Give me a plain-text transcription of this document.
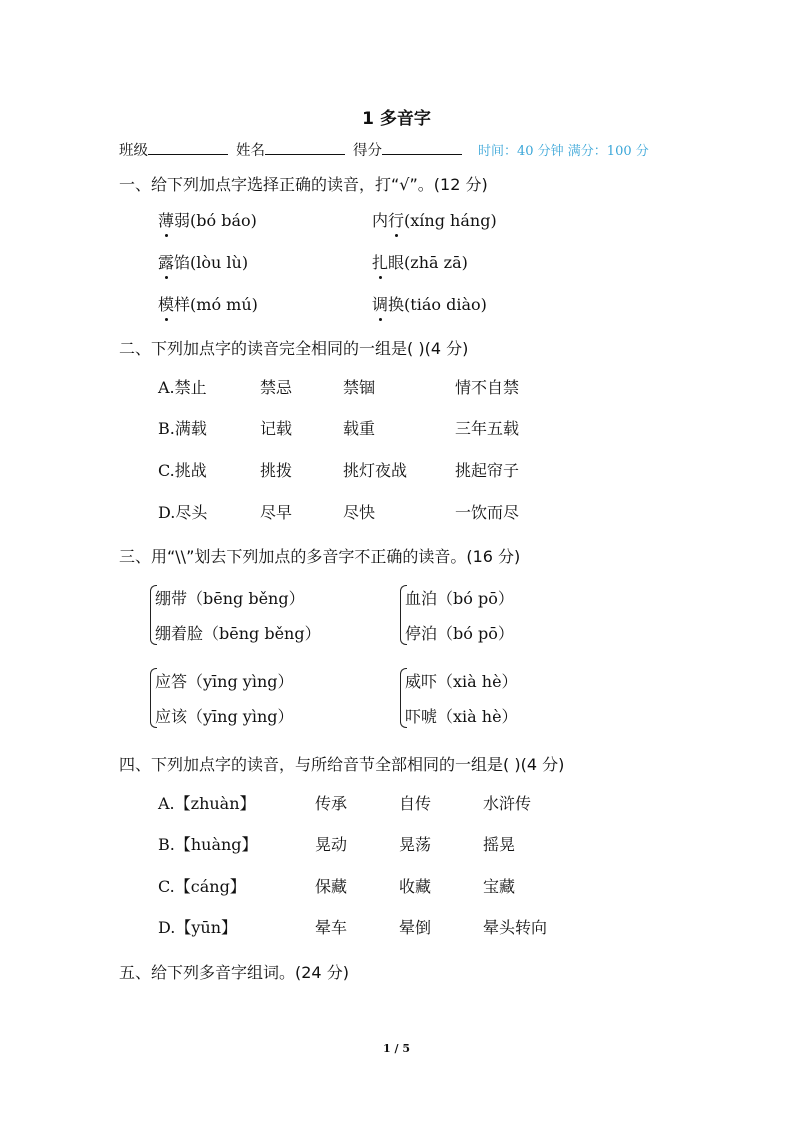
1 多音字
班级	姓名	得分	时间：40 分钟 满分：100 分
一、给下列加点字选择正确的读音，打“√”。(12 分)
薄弱(bó báo)	内行(xíng háng)
露馅(lòu lù)	扎眼(zhā zā)
模样(mó mú)	调换(tiáo diào)
二、下列加点字的读音完全相同的一组是( )(4 分)
A.禁止	禁忌	禁锢	情不自禁
B.满载	记载	载重	三年五载
C.挑战	挑拨	挑灯夜战	挑起帘子
D.尽头	尽早	尽快	一饮而尽
三、用“\\”划去下列加点的多音字不正确的读音。(16 分)
绷带（bēng běng）
绷着脸（bēng běng）
血泊（bó pō）
停泊（bó pō）
应答（yīng yìng）
应该（yīng yìng）
威吓（xià hè）
吓唬（xià hè）
四、下列加点字的读音，与所给音节全部相同的一组是( )(4 分)
A.【zhuàn】	传承	自传	水浒传
B.【huàng】	晃动	晃荡	摇晃
C.【cáng】	保藏	收藏	宝藏
D.【yūn】	晕车	晕倒	晕头转向
五、给下列多音字组词。(24 分)
1 / 5
